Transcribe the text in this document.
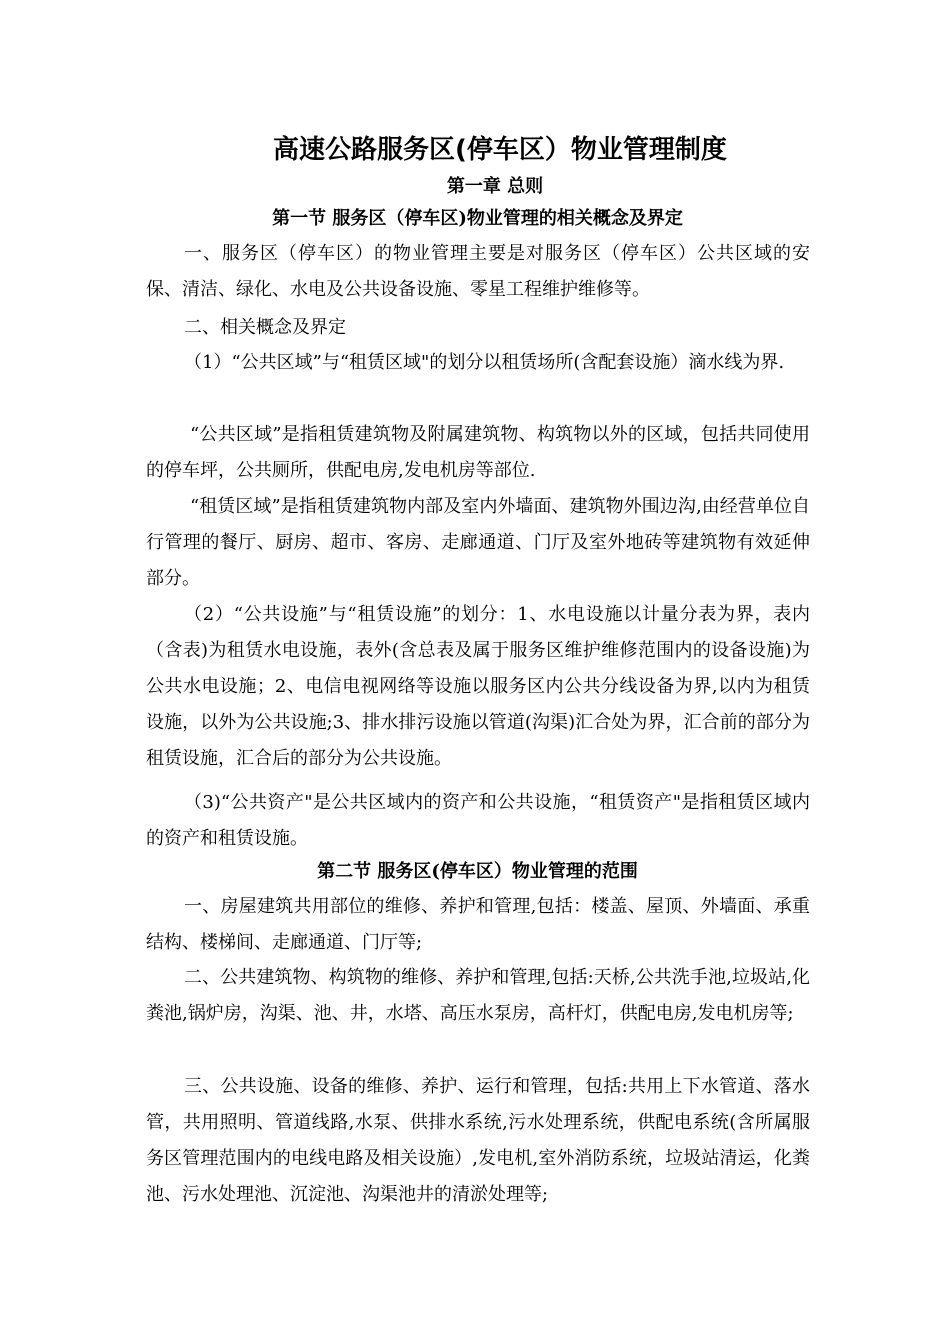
高速公路服务区(停车区）物业管理制度
第一章 总则
第一节 服务区（停车区)物业管理的相关概念及界定

一、服务区（停车区）的物业管理主要是对服务区（停车区）公共区域的安保、清洁、绿化、水电及公共设备设施、零星工程维护维修等。

二、相关概念及界定

（1）“公共区域”与“租赁区域"的划分以租赁场所(含配套设施）滴水线为界.

“公共区域”是指租赁建筑物及附属建筑物、构筑物以外的区域，包括共同使用的停车坪，公共厕所，供配电房,发电机房等部位.

“租赁区域”是指租赁建筑物内部及室内外墙面、建筑物外围边沟,由经营单位自行管理的餐厅、厨房、超市、客房、走廊通道、门厅及室外地砖等建筑物有效延伸部分。

（2）“公共设施”与“租赁设施”的划分：1、水电设施以计量分表为界，表内（含表)为租赁水电设施，表外(含总表及属于服务区维护维修范围内的设备设施)为公共水电设施；2、电信电视网络等设施以服务区内公共分线设备为界,以内为租赁设施，以外为公共设施;3、排水排污设施以管道(沟渠)汇合处为界，汇合前的部分为租赁设施，汇合后的部分为公共设施。

（3)“公共资产"是公共区域内的资产和公共设施，“租赁资产"是指租赁区域内的资产和租赁设施。

第二节 服务区(停车区）物业管理的范围

一、房屋建筑共用部位的维修、养护和管理,包括：楼盖、屋顶、外墙面、承重结构、楼梯间、走廊通道、门厅等;

二、公共建筑物、构筑物的维修、养护和管理,包括:天桥,公共洗手池,垃圾站,化粪池,锅炉房，沟渠、池、井，水塔、高压水泵房，高杆灯，供配电房,发电机房等;

三、公共设施、设备的维修、养护、运行和管理，包括:共用上下水管道、落水管，共用照明、管道线路,水泵、供排水系统,污水处理系统，供配电系统(含所属服务区管理范围内的电线电路及相关设施）,发电机,室外消防系统，垃圾站清运，化粪池、污水处理池、沉淀池、沟渠池井的清淤处理等;
